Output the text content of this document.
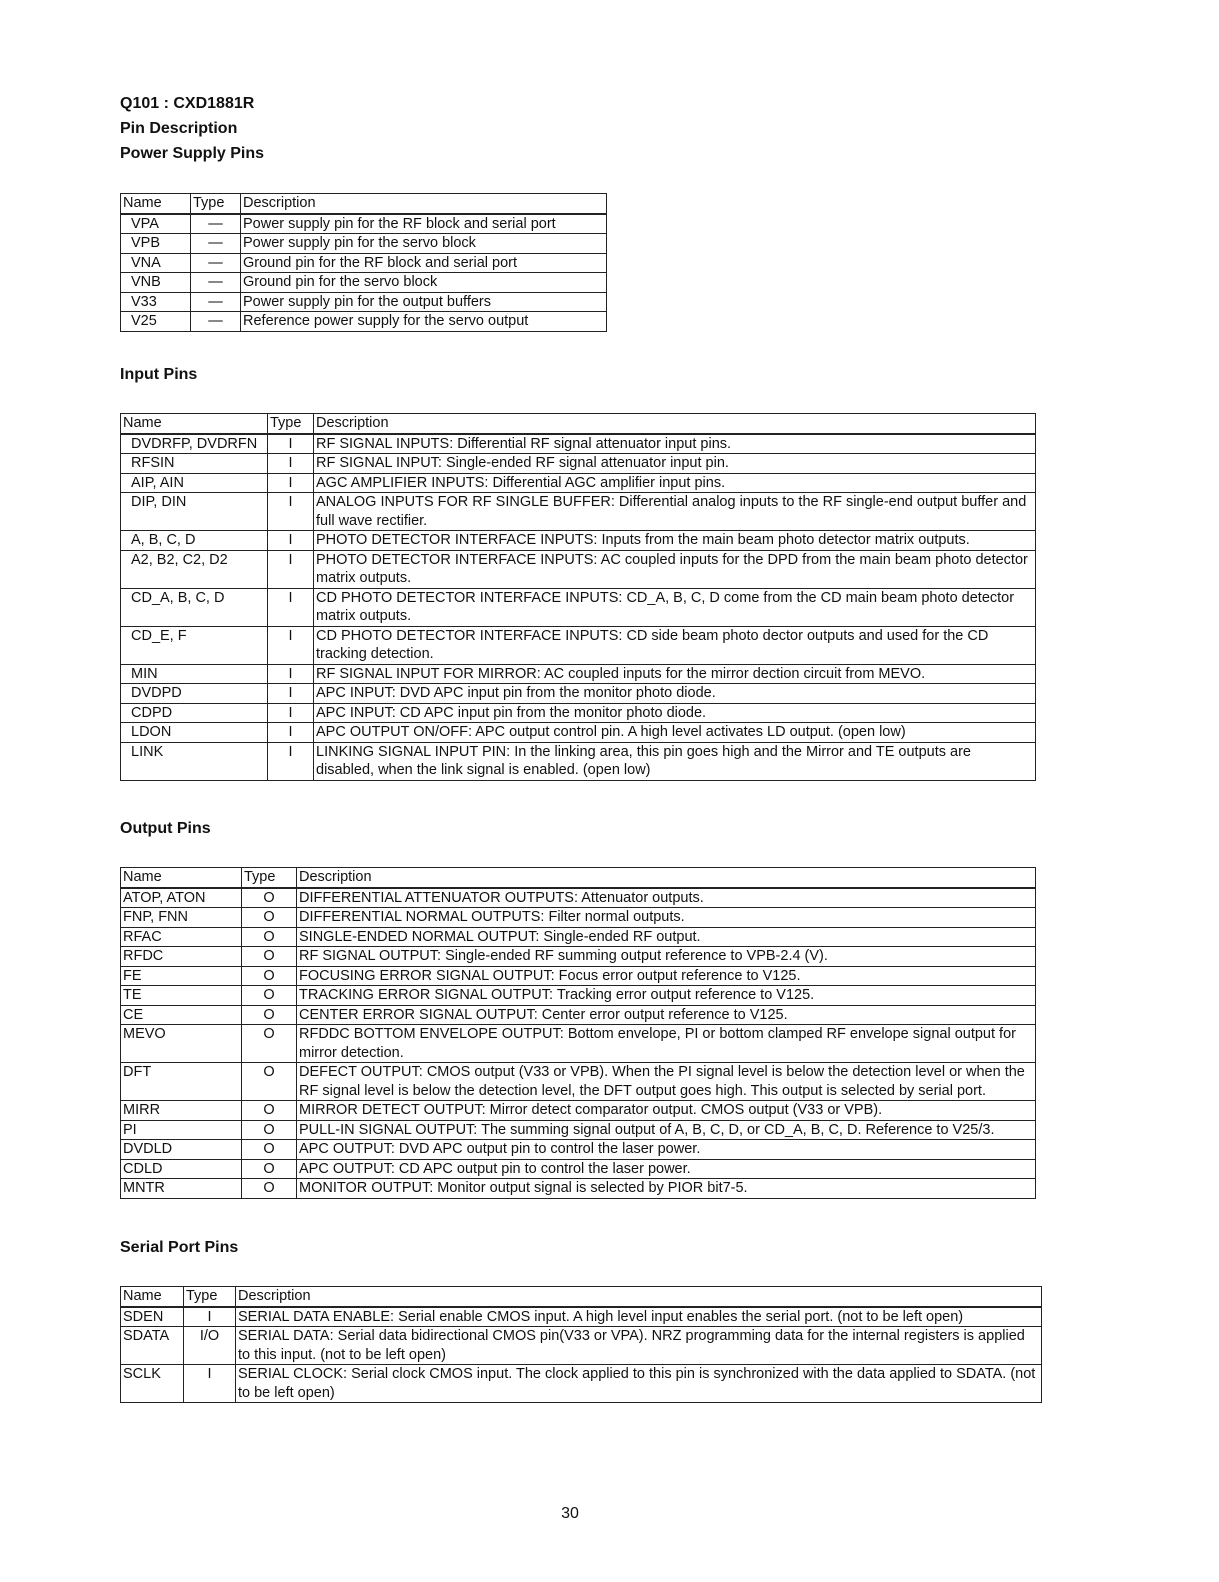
Q101 : CXD1881R
Pin Description
Power Supply Pins
Name	Type	Description
VPA	—	Power supply pin for the RF block and serial port
VPB	—	Power supply pin for the servo block
VNA	—	Ground pin for the RF block and serial port
VNB	—	Ground pin for the servo block
V33	—	Power supply pin for the output buffers
V25	—	Reference power supply for the servo output
Input Pins
Name	Type	Description
DVDRFP, DVDRFN	I	RF SIGNAL INPUTS: Differential RF signal attenuator input pins.
RFSIN	I	RF SIGNAL INPUT: Single-ended RF signal attenuator input pin.
AIP, AIN	I	AGC AMPLIFIER INPUTS: Differential AGC amplifier input pins.
DIP, DIN	I	ANALOG INPUTS FOR RF SINGLE BUFFER: Differential analog inputs to the RF single-end output buffer and full wave rectifier.
A, B, C, D	I	PHOTO DETECTOR INTERFACE INPUTS: Inputs from the main beam photo detector matrix outputs.
A2, B2, C2, D2	I	PHOTO DETECTOR INTERFACE INPUTS: AC coupled inputs for the DPD from the main beam photo detector matrix outputs.
CD_A, B, C, D	I	CD PHOTO DETECTOR INTERFACE INPUTS: CD_A, B, C, D come from the CD main beam photo detector matrix outputs.
CD_E, F	I	CD PHOTO DETECTOR INTERFACE INPUTS: CD side beam photo dector outputs and used for the CD tracking detection.
MIN	I	RF SIGNAL INPUT FOR MIRROR: AC coupled inputs for the mirror dection circuit from MEVO.
DVDPD	I	APC INPUT: DVD APC input pin from the monitor photo diode.
CDPD	I	APC INPUT: CD APC input pin from the monitor photo diode.
LDON	I	APC OUTPUT ON/OFF: APC output control pin. A high level activates LD output. (open low)
LINK	I	LINKING SIGNAL INPUT PIN: In the linking area, this pin goes high and the Mirror and TE outputs are disabled, when the link signal is enabled. (open low)
Output Pins
Name	Type	Description
ATOP, ATON	O	DIFFERENTIAL ATTENUATOR OUTPUTS: Attenuator outputs.
FNP, FNN	O	DIFFERENTIAL NORMAL OUTPUTS: Filter normal outputs.
RFAC	O	SINGLE-ENDED NORMAL OUTPUT: Single-ended RF output.
RFDC	O	RF SIGNAL OUTPUT: Single-ended RF summing output reference to VPB-2.4 (V).
FE	O	FOCUSING ERROR SIGNAL OUTPUT: Focus error output reference to V125.
TE	O	TRACKING ERROR SIGNAL OUTPUT: Tracking error output reference to V125.
CE	O	CENTER ERROR SIGNAL OUTPUT: Center error output reference to V125.
MEVO	O	RFDDC BOTTOM ENVELOPE OUTPUT: Bottom envelope, PI or bottom clamped RF envelope signal output for mirror detection.
DFT	O	DEFECT OUTPUT: CMOS output (V33 or VPB). When the PI signal level is below the detection level or when the RF signal level is below the detection level, the DFT output goes high. This output is selected by serial port.
MIRR	O	MIRROR DETECT OUTPUT: Mirror detect comparator output. CMOS output (V33 or VPB).
PI	O	PULL-IN SIGNAL OUTPUT: The summing signal output of A, B, C, D, or CD_A, B, C, D. Reference to V25/3.
DVDLD	O	APC OUTPUT: DVD APC output pin to control the laser power.
CDLD	O	APC OUTPUT: CD APC output pin to control the laser power.
MNTR	O	MONITOR OUTPUT: Monitor output signal is selected by PIOR bit7-5.
Serial Port Pins
Name	Type	Description
SDEN	I	SERIAL DATA ENABLE: Serial enable CMOS input. A high level input enables the serial port. (not to be left open)
SDATA	I/O	SERIAL DATA: Serial data bidirectional CMOS pin(V33 or VPA). NRZ programming data for the internal registers is applied to this input. (not to be left open)
SCLK	I	SERIAL CLOCK: Serial clock CMOS input. The clock applied to this pin is synchronized with the data applied to SDATA. (not to be left open)
30
